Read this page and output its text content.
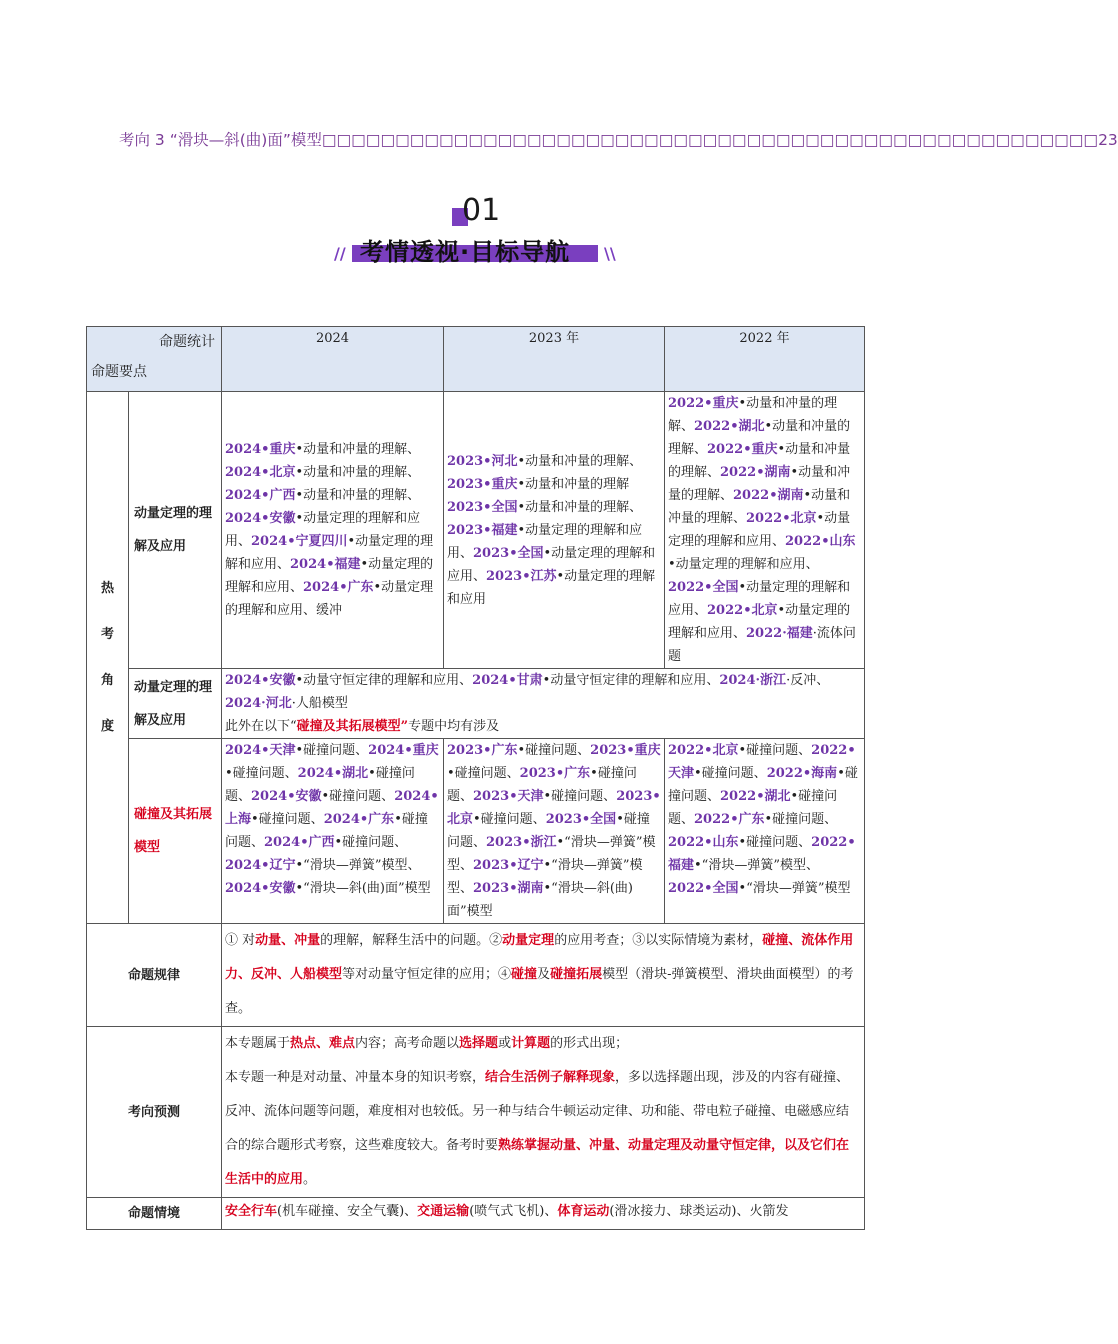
考向 3 “滑块—斜(曲)面”模型□□□□□□□□□□□□□□□□□□□□□□□□□□□□□□□□□□□□□□□□□□□□□□□□□□□□□23
01
//	\\
考情透视·目标导航
命题统计
命题要点		2024	2023 年	2022 年
热
考
角
度	动量定理的理解及应用	2024•重庆•动量和冲量的理解、2024•北京•动量和冲量的理解、2024•广西•动量和冲量的理解、2024•安徽•动量定理的理解和应用、2024•宁夏四川•动量定理的理解和应用、2024•福建•动量定理的理解和应用、2024•广东•动量定理的理解和应用、缓冲	2023•河北•动量和冲量的理解、2023•重庆•动量和冲量的理解 2023•全国•动量和冲量的理解、2023•福建•动量定理的理解和应用、2023•全国•动量定理的理解和应用、2023•江苏•动量定理的理解和应用	2022•重庆•动量和冲量的理解、2022•湖北•动量和冲量的理解、2022•重庆•动量和冲量的理解、2022•湖南•动量和冲量的理解、2022•湖南•动量和冲量的理解、2022•北京•动量定理的理解和应用、2022•山东•动量定理的理解和应用、2022•全国•动量定理的理解和应用、2022•北京•动量定理的理解和应用、2022·福建·流体问题
	动量定理的理解及应用	2024•安徽•动量守恒定律的理解和应用、2024•甘肃•动量守恒定律的理解和应用、2024·浙江·反冲、2024·河北·人船模型
此外在以下“碰撞及其拓展模型”专题中均有涉及		
	碰撞及其拓展模型	2024•天津•碰撞问题、2024•重庆•碰撞问题、2024•湖北•碰撞问题、2024•安徽•碰撞问题、2024•上海•碰撞问题、2024•广东•碰撞问题、2024•广西•碰撞问题、2024•辽宁•“滑块—弹簧”模型、2024•安徽•“滑块—斜(曲)面”模型	2023•广东•碰撞问题、2023•重庆•碰撞问题、2023•广东•碰撞问题、2023•天津•碰撞问题、2023•北京•碰撞问题、2023•全国•碰撞问题、2023•浙江•“滑块—弹簧”模型、2023•辽宁•“滑块—弹簧”模型、2023•湖南•“滑块—斜(曲)面”模型	2022•北京•碰撞问题、2022•天津•碰撞问题、2022•海南•碰撞问题、2022•湖北•碰撞问题、2022•广东•碰撞问题、2022•山东•碰撞问题、2022•福建•“滑块—弹簧”模型、2022•全国•“滑块—弹簧”模型
命题规律		① 对动量、冲量的理解，解释生活中的问题。②动量定理的应用考查；③以实际情境为素材，碰撞、流体作用力、反冲、人船模型等对动量守恒定律的应用；④碰撞及碰撞拓展模型（滑块-弹簧模型、滑块曲面模型）的考查。		
考向预测		本专题属于热点、难点内容；高考命题以选择题或计算题的形式出现；
本专题一种是对动量、冲量本身的知识考察，结合生活例子解释现象，多以选择题出现，涉及的内容有碰撞、反冲、流体问题等问题，难度相对也较低。另一种与结合牛顿运动定律、功和能、带电粒子碰撞、电磁感应结合的综合题形式考察，这些难度较大。备考时要熟练掌握动量、冲量、动量定理及动量守恒定律，以及它们在生活中的应用。		
命题情境		安全行车(机车碰撞、安全气囊)、交通运输(喷气式飞机)、体育运动(滑冰接力、球类运动)、火箭发		
